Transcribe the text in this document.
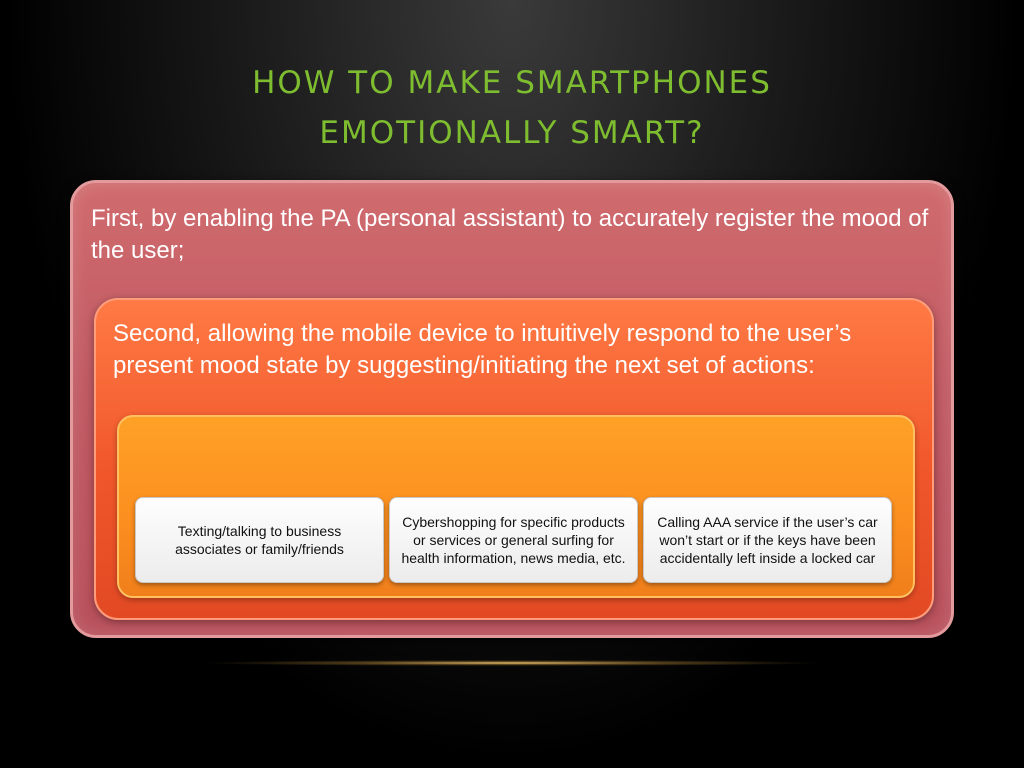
HOW TO MAKE SMARTPHONES
EMOTIONALLY SMART?
First, by enabling the PA (personal assistant) to accurately register the mood of the user;
Second, allowing the mobile device to intuitively respond to the user’s present mood state by suggesting/initiating the next set of actions:
Texting/talking to business associates or family/friends
Cybershopping for specific products or services or general surfing for health information, news media, etc.
Calling AAA service if the user’s car won’t start or if the keys have been accidentally left inside a locked car
